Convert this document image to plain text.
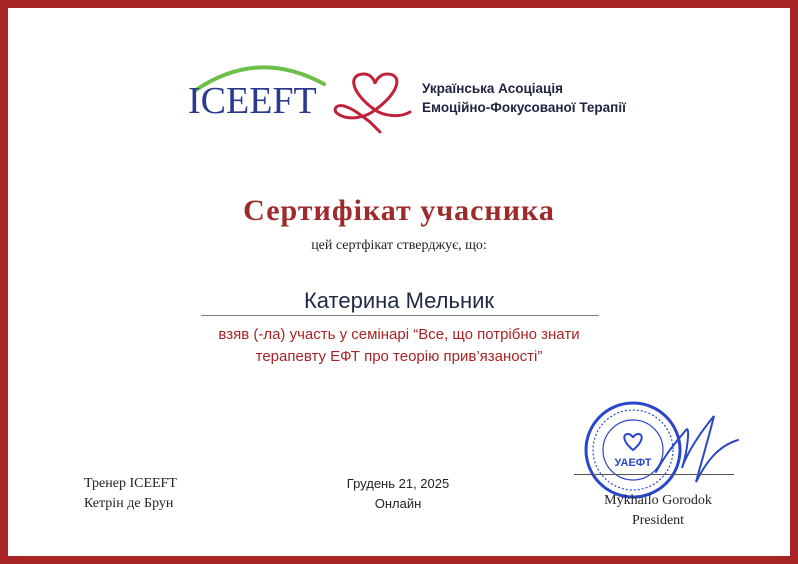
ICEEFT	Українська Асоціація
Емоційно-Фокусованої Терапії
Сертифікат учасника
цей сертфікат стверджує, що:
Катерина Мельник
взяв (-ла) участь у семінарі “Все, що потрібно знати
терапевту ЕФТ про теорію прив’язаності”
Тренер ICEEFT
Кетрін де Брун
Грудень 21, 2025
Онлайн
УАЕФТ
Mykhailo Gorodok
President
